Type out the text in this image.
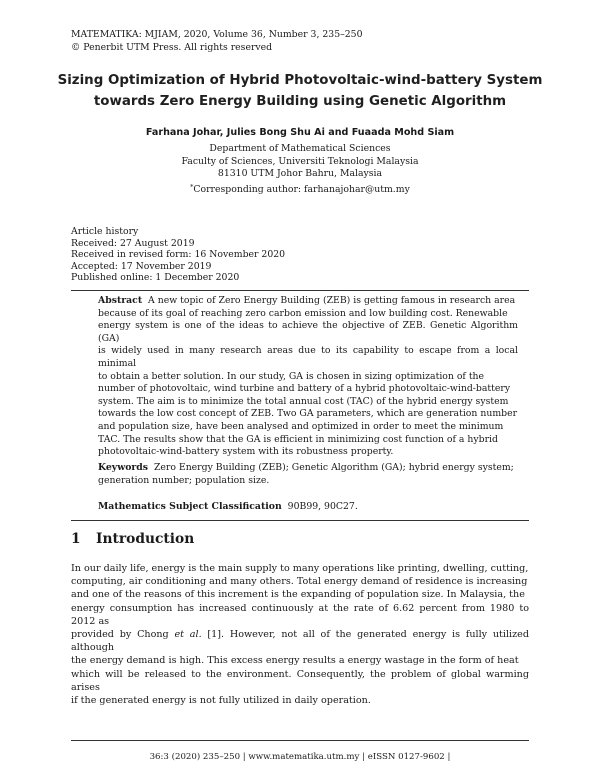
MATEMATIKA: MJIAM, 2020, Volume 36, Number 3, 235–250
© Penerbit UTM Press. All rights reserved
Sizing Optimization of Hybrid Photovoltaic-wind-battery System
towards Zero Energy Building using Genetic Algorithm
Farhana Johar, Julies Bong Shu Ai and Fuaada Mohd Siam
Department of Mathematical Sciences
Faculty of Sciences, Universiti Teknologi Malaysia
81310 UTM Johor Bahru, Malaysia
*Corresponding author: farhanajohar@utm.my
Article history
Received: 27 August 2019
Received in revised form: 16 November 2020
Accepted: 17 November 2019
Published online: 1 December 2020
Abstract A new topic of Zero Energy Building (ZEB) is getting famous in research area
because of its goal of reaching zero carbon emission and low building cost. Renewable
energy system is one of the ideas to achieve the objective of ZEB. Genetic Algorithm (GA)
is widely used in many research areas due to its capability to escape from a local minimal
to obtain a better solution. In our study, GA is chosen in sizing optimization of the
number of photovoltaic, wind turbine and battery of a hybrid photovoltaic-wind-battery
system. The aim is to minimize the total annual cost (TAC) of the hybrid energy system
towards the low cost concept of ZEB. Two GA parameters, which are generation number
and population size, have been analysed and optimized in order to meet the minimum
TAC. The results show that the GA is efficient in minimizing cost function of a hybrid
photovoltaic-wind-battery system with its robustness property.
Keywords Zero Energy Building (ZEB); Genetic Algorithm (GA); hybrid energy system;
generation number; population size.
Mathematics Subject Classification 90B99, 90C27.
1 Introduction
In our daily life, energy is the main supply to many operations like printing, dwelling, cutting,
computing, air conditioning and many others. Total energy demand of residence is increasing
and one of the reasons of this increment is the expanding of population size. In Malaysia, the
energy consumption has increased continuously at the rate of 6.62 percent from 1980 to 2012 as
provided by Chong et al. [1]. However, not all of the generated energy is fully utilized although
the energy demand is high. This excess energy results a energy wastage in the form of heat
which will be released to the environment. Consequently, the problem of global warming arises
if the generated energy is not fully utilized in daily operation.
36:3 (2020) 235–250 | www.matematika.utm.my | eISSN 0127-9602 |
